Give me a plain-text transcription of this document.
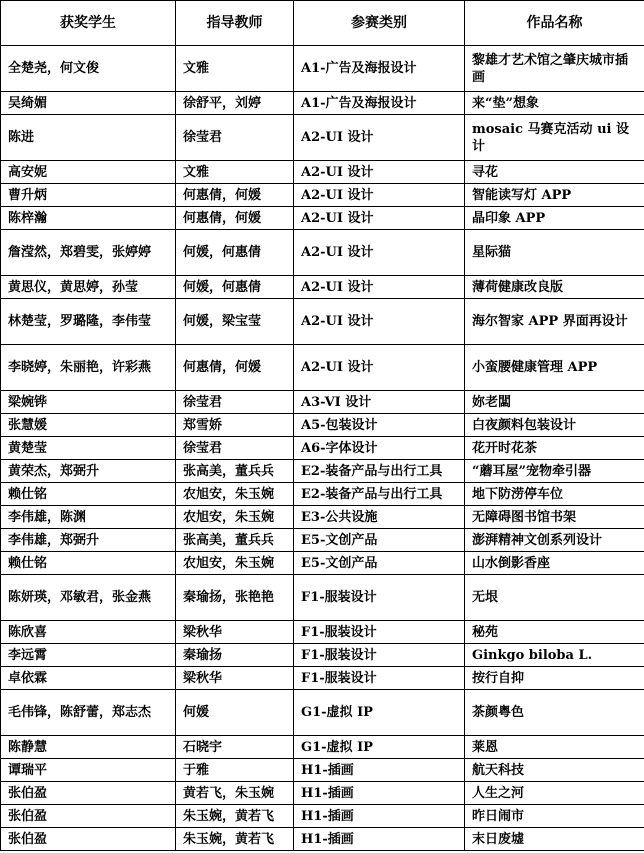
获奖学生	指导教师	参赛类别	作品名称
全楚尧，何文俊	文雅	A1-广告及海报设计	黎雄才艺术馆之肇庆城市插画
吴绮媚	徐舒平，刘婷	A1-广告及海报设计	来“垫”想象
陈进	徐莹君	A2-UI 设计	mosaic 马赛克活动 ui 设计
高安妮	文雅	A2-UI 设计	寻花
曹升炳	何惠倩，何媛	A2-UI 设计	智能读写灯 APP
陈梓瀚	何惠倩，何媛	A2-UI 设计	晶印象 APP
詹滢然，郑碧雯，张婷婷	何媛，何惠倩	A2-UI 设计	星际猫
黄思仪，黄思婷，孙莹	何媛，何惠倩	A2-UI 设计	薄荷健康改良版
林楚莹，罗璐隆，李伟莹	何媛，梁宝莹	A2-UI 设计	海尔智家 APP 界面再设计
李晓婷，朱丽艳，许彩燕	何惠倩，何媛	A2-UI 设计	小蛮腰健康管理 APP
梁婉铧	徐莹君	A3-VI 设计	妳老闆
张慧媛	郑雪娇	A5-包装设计	白夜颜料包装设计
黄楚莹	徐莹君	A6-字体设计	花开时花茶
黄荣杰，郑弼升	张高美，董兵兵	E2-装备产品与出行工具	“蘑耳屋”宠物牵引器
赖仕铭	农旭安，朱玉婉	E2-装备产品与出行工具	地下防涝停车位
李伟雄，陈渊	农旭安，朱玉婉	E3-公共设施	无障碍图书馆书架
李伟雄，郑弼升	张高美，董兵兵	E5-文创产品	澎湃精神文创系列设计
赖仕铭	农旭安，朱玉婉	E5-文创产品	山水倒影香座
陈妍瑛，邓敏君，张金燕	秦瑜扬，张艳艳	F1-服装设计	无垠
陈欣喜	梁秋华	F1-服装设计	秘苑
李远霄	秦瑜扬	F1-服装设计	Ginkgo biloba L.
卓依霖	梁秋华	F1-服装设计	按行自抑
毛伟锋，陈舒蕾，郑志杰	何媛	G1-虚拟 IP	茶颜粤色
陈静慧	石晓宇	G1-虚拟 IP	莱恩
谭瑞平	于雅	H1-插画	航天科技
张伯盈	黄若飞，朱玉婉	H1-插画	人生之河
张伯盈	朱玉婉，黄若飞	H1-插画	昨日闹市
张伯盈	朱玉婉，黄若飞	H1-插画	末日废墟
